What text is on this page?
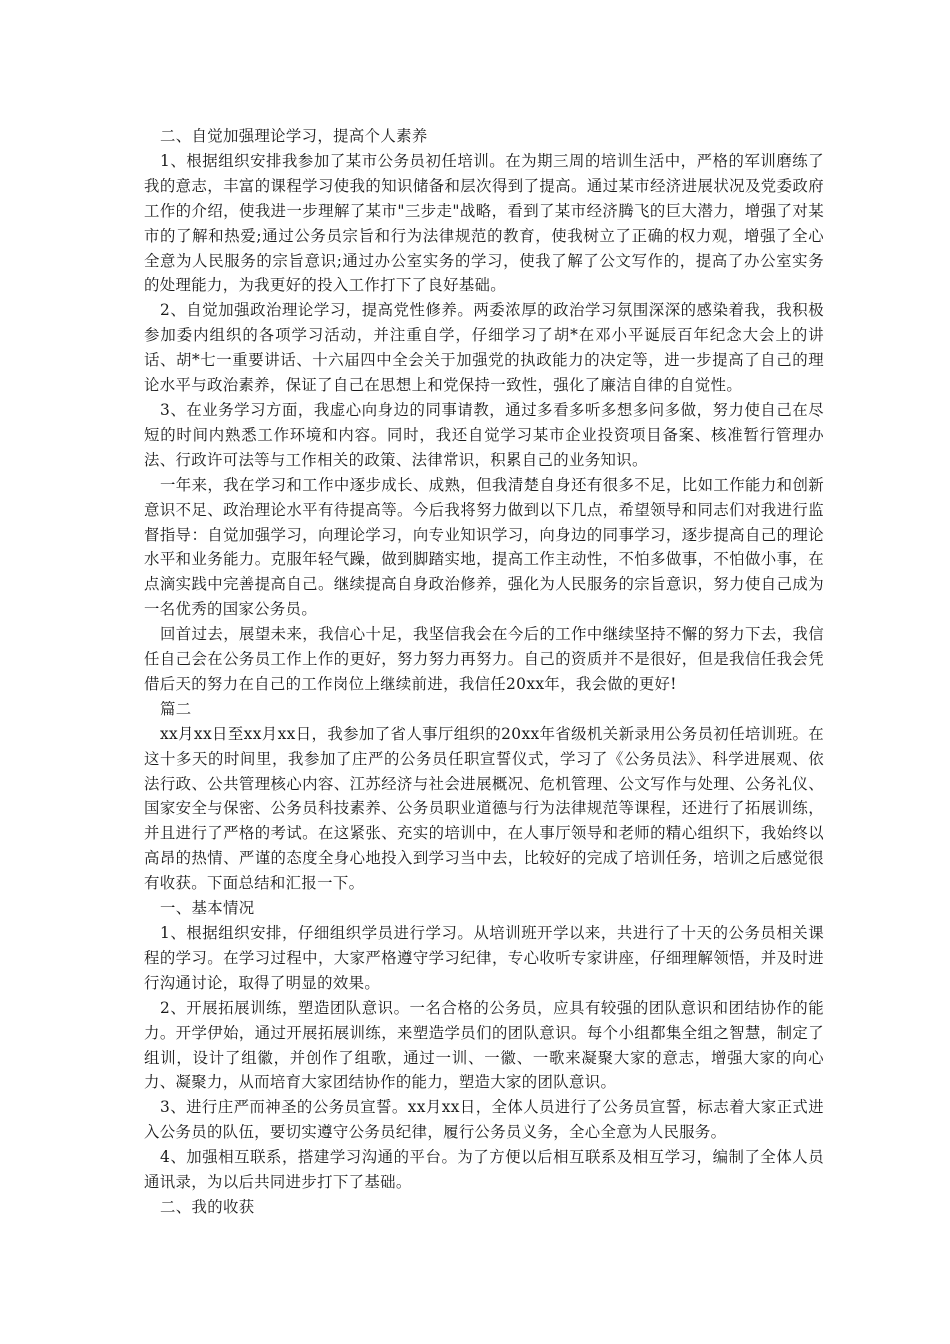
二、自觉加强理论学习，提高个人素养

1、根据组织安排我参加了某市公务员初任培训。在为期三周的培训生活中，严格的军训磨练了我的意志，丰富的课程学习使我的知识储备和层次得到了提高。通过某市经济进展状况及党委政府工作的介绍，使我进一步理解了某市"三步走"战略，看到了某市经济腾飞的巨大潜力，增强了对某市的了解和热爱;通过公务员宗旨和行为法律规范的教育，使我树立了正确的权力观，增强了全心全意为人民服务的宗旨意识;通过办公室实务的学习，使我了解了公文写作的，提高了办公室实务的处理能力，为我更好的投入工作打下了良好基础。

2、自觉加强政治理论学习，提高党性修养。两委浓厚的政治学习氛围深深的感染着我，我积极参加委内组织的各项学习活动，并注重自学，仔细学习了胡*在邓小平诞辰百年纪念大会上的讲话、胡*七一重要讲话、十六届四中全会关于加强党的执政能力的决定等，进一步提高了自己的理论水平与政治素养，保证了自己在思想上和党保持一致性，强化了廉洁自律的自觉性。

3、在业务学习方面，我虚心向身边的同事请教，通过多看多听多想多问多做，努力使自己在尽短的时间内熟悉工作环境和内容。同时，我还自觉学习某市企业投资项目备案、核准暂行管理办法、行政许可法等与工作相关的政策、法律常识，积累自己的业务知识。

一年来，我在学习和工作中逐步成长、成熟，但我清楚自身还有很多不足，比如工作能力和创新意识不足、政治理论水平有待提高等。今后我将努力做到以下几点，希望领导和同志们对我进行监督指导：自觉加强学习，向理论学习，向专业知识学习，向身边的同事学习，逐步提高自己的理论水平和业务能力。克服年轻气躁，做到脚踏实地，提高工作主动性，不怕多做事，不怕做小事，在点滴实践中完善提高自己。继续提高自身政治修养，强化为人民服务的宗旨意识，努力使自己成为一名优秀的国家公务员。

回首过去，展望未来，我信心十足，我坚信我会在今后的工作中继续坚持不懈的努力下去，我信任自己会在公务员工作上作的更好，努力努力再努力。自己的资质并不是很好，但是我信任我会凭借后天的努力在自己的工作岗位上继续前进，我信任20xx年，我会做的更好!

篇二

xx月xx日至xx月xx日，我参加了省人事厅组织的20xx年省级机关新录用公务员初任培训班。在这十多天的时间里，我参加了庄严的公务员任职宣誓仪式，学习了《公务员法》、科学进展观、依法行政、公共管理核心内容、江苏经济与社会进展概况、危机管理、公文写作与处理、公务礼仪、国家安全与保密、公务员科技素养、公务员职业道德与行为法律规范等课程，还进行了拓展训练，并且进行了严格的考试。在这紧张、充实的培训中，在人事厅领导和老师的精心组织下，我始终以高昂的热情、严谨的态度全身心地投入到学习当中去，比较好的完成了培训任务，培训之后感觉很有收获。下面总结和汇报一下。

一、基本情况

1、根据组织安排，仔细组织学员进行学习。从培训班开学以来，共进行了十天的公务员相关课程的学习。在学习过程中，大家严格遵守学习纪律，专心收听专家讲座，仔细理解领悟，并及时进行沟通讨论，取得了明显的效果。

2、开展拓展训练，塑造团队意识。一名合格的公务员，应具有较强的团队意识和团结协作的能力。开学伊始，通过开展拓展训练，来塑造学员们的团队意识。每个小组都集全组之智慧，制定了组训，设计了组徽，并创作了组歌，通过一训、一徽、一歌来凝聚大家的意志，增强大家的向心力、凝聚力，从而培育大家团结协作的能力，塑造大家的团队意识。

3、进行庄严而神圣的公务员宣誓。xx月xx日，全体人员进行了公务员宣誓，标志着大家正式进入公务员的队伍，要切实遵守公务员纪律，履行公务员义务，全心全意为人民服务。

4、加强相互联系，搭建学习沟通的平台。为了方便以后相互联系及相互学习，编制了全体人员通讯录，为以后共同进步打下了基础。

二、我的收获
